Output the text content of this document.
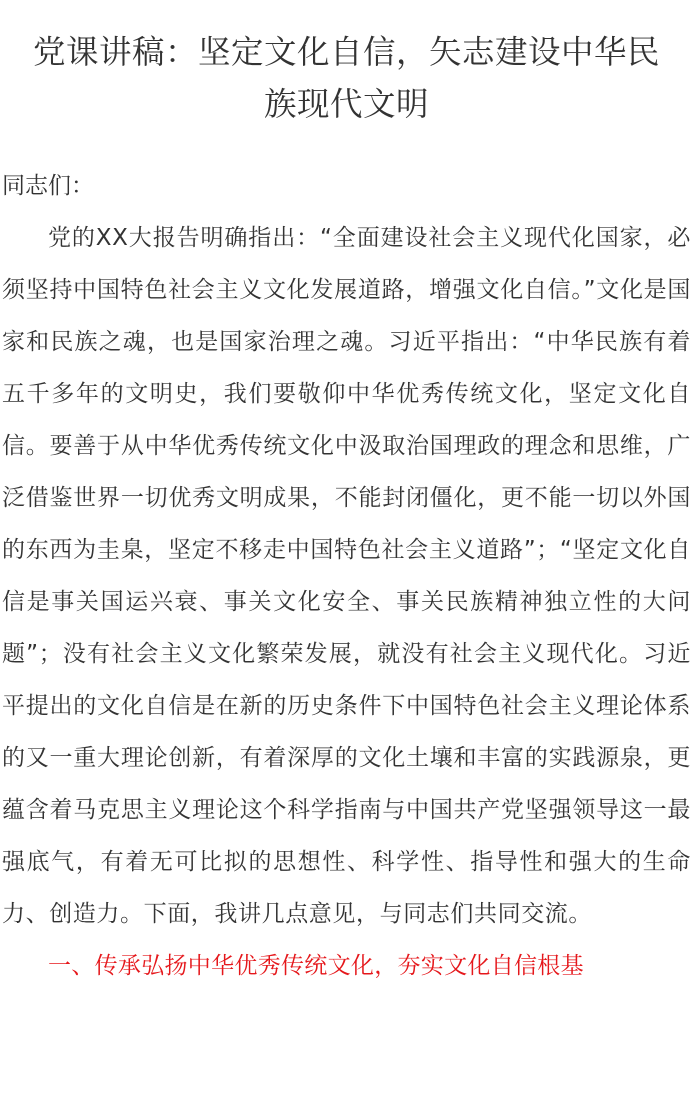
党课讲稿：坚定文化自信，矢志建设中华民
族现代文明

同志们：

党的XX大报告明确指出：“全面建设社会主义现代化国家，必须坚持中国特色社会主义文化发展道路，增强文化自信。”文化是国家和民族之魂，也是国家治理之魂。习近平指出：“中华民族有着五千多年的文明史，我们要敬仰中华优秀传统文化，坚定文化自信。要善于从中华优秀传统文化中汲取治国理政的理念和思维，广泛借鉴世界一切优秀文明成果，不能封闭僵化，更不能一切以外国的东西为圭臬，坚定不移走中国特色社会主义道路”；“坚定文化自信是事关国运兴衰、事关文化安全、事关民族精神独立性的大问题”；没有社会主义文化繁荣发展，就没有社会主义现代化。习近平提出的文化自信是在新的历史条件下中国特色社会主义理论体系的又一重大理论创新，有着深厚的文化土壤和丰富的实践源泉，更蕴含着马克思主义理论这个科学指南与中国共产党坚强领导这一最强底气，有着无可比拟的思想性、科学性、指导性和强大的生命力、创造力。下面，我讲几点意见，与同志们共同交流。

一、传承弘扬中华优秀传统文化，夯实文化自信根基
